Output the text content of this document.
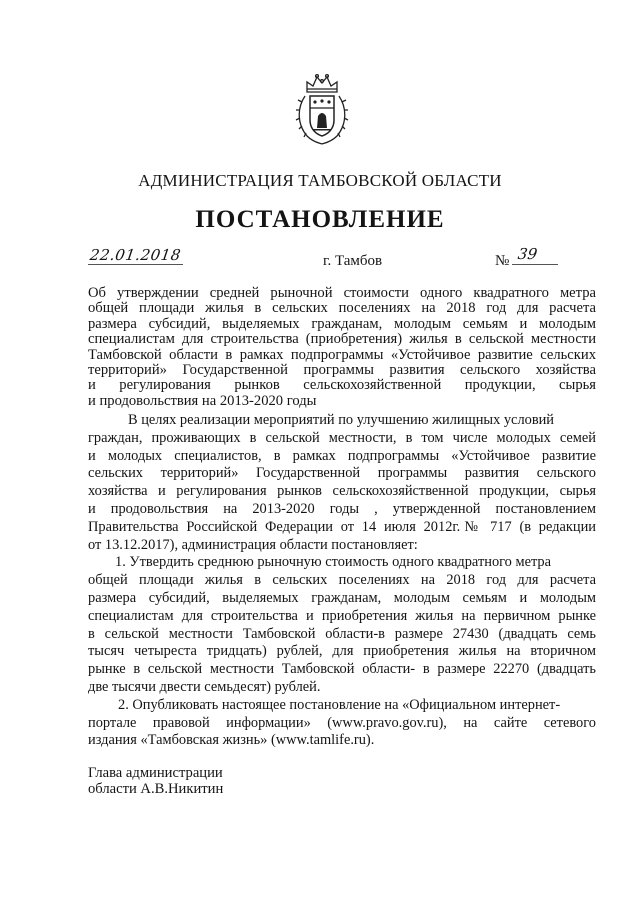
АДМИНИСТРАЦИЯ ТАМБОВСКОЙ ОБЛАСТИ
ПОСТАНОВЛЕНИЕ
22.01.2018	г. Тамбов	№ 39
Об утверждении средней рыночной стоимости одного квадратного метра
общей площади жилья в сельских поселениях на 2018 год для расчета
размера субсидий, выделяемых гражданам, молодым семьям и молодым
специалистам для строительства (приобретения) жилья в сельской местности
Тамбовской области в рамках подпрограммы «Устойчивое развитие сельских
территорий» Государственной программы развития сельского хозяйства
и регулирования рынков сельскохозяйственной продукции, сырья
и продовольствия на 2013-2020 годы
В целях реализации мероприятий по улучшению жилищных условий
граждан, проживающих в сельской местности, в том числе молодых семей
и молодых специалистов, в рамках подпрограммы «Устойчивое развитие
сельских территорий» Государственной программы развития сельского
хозяйства и регулирования рынков сельскохозяйственной продукции, сырья
и продовольствия на 2013-2020 годы , утвержденной постановлением
Правительства Российской Федерации от 14 июля 2012г.№ 717 (в редакции
от 13.12.2017), администрация области постановляет:
1. Утвердить среднюю рыночную стоимость одного квадратного метра
общей площади жилья в сельских поселениях на 2018 год для расчета
размера субсидий, выделяемых гражданам, молодым семьям и молодым
специалистам для строительства и приобретения жилья на первичном рынке
в сельской местности Тамбовской области-в размере 27430 (двадцать семь
тысяч четыреста тридцать) рублей, для приобретения жилья на вторичном
рынке в сельской местности Тамбовской области- в размере 22270 (двадцать
две тысячи двести семьдесят) рублей.
2. Опубликовать настоящее постановление на «Официальном интернет-
портале правовой информации» (www.pravo.gov.ru), на сайте сетевого
издания «Тамбовская жизнь» (www.tamlife.ru).
Глава администрации
области А.В.Никитин
